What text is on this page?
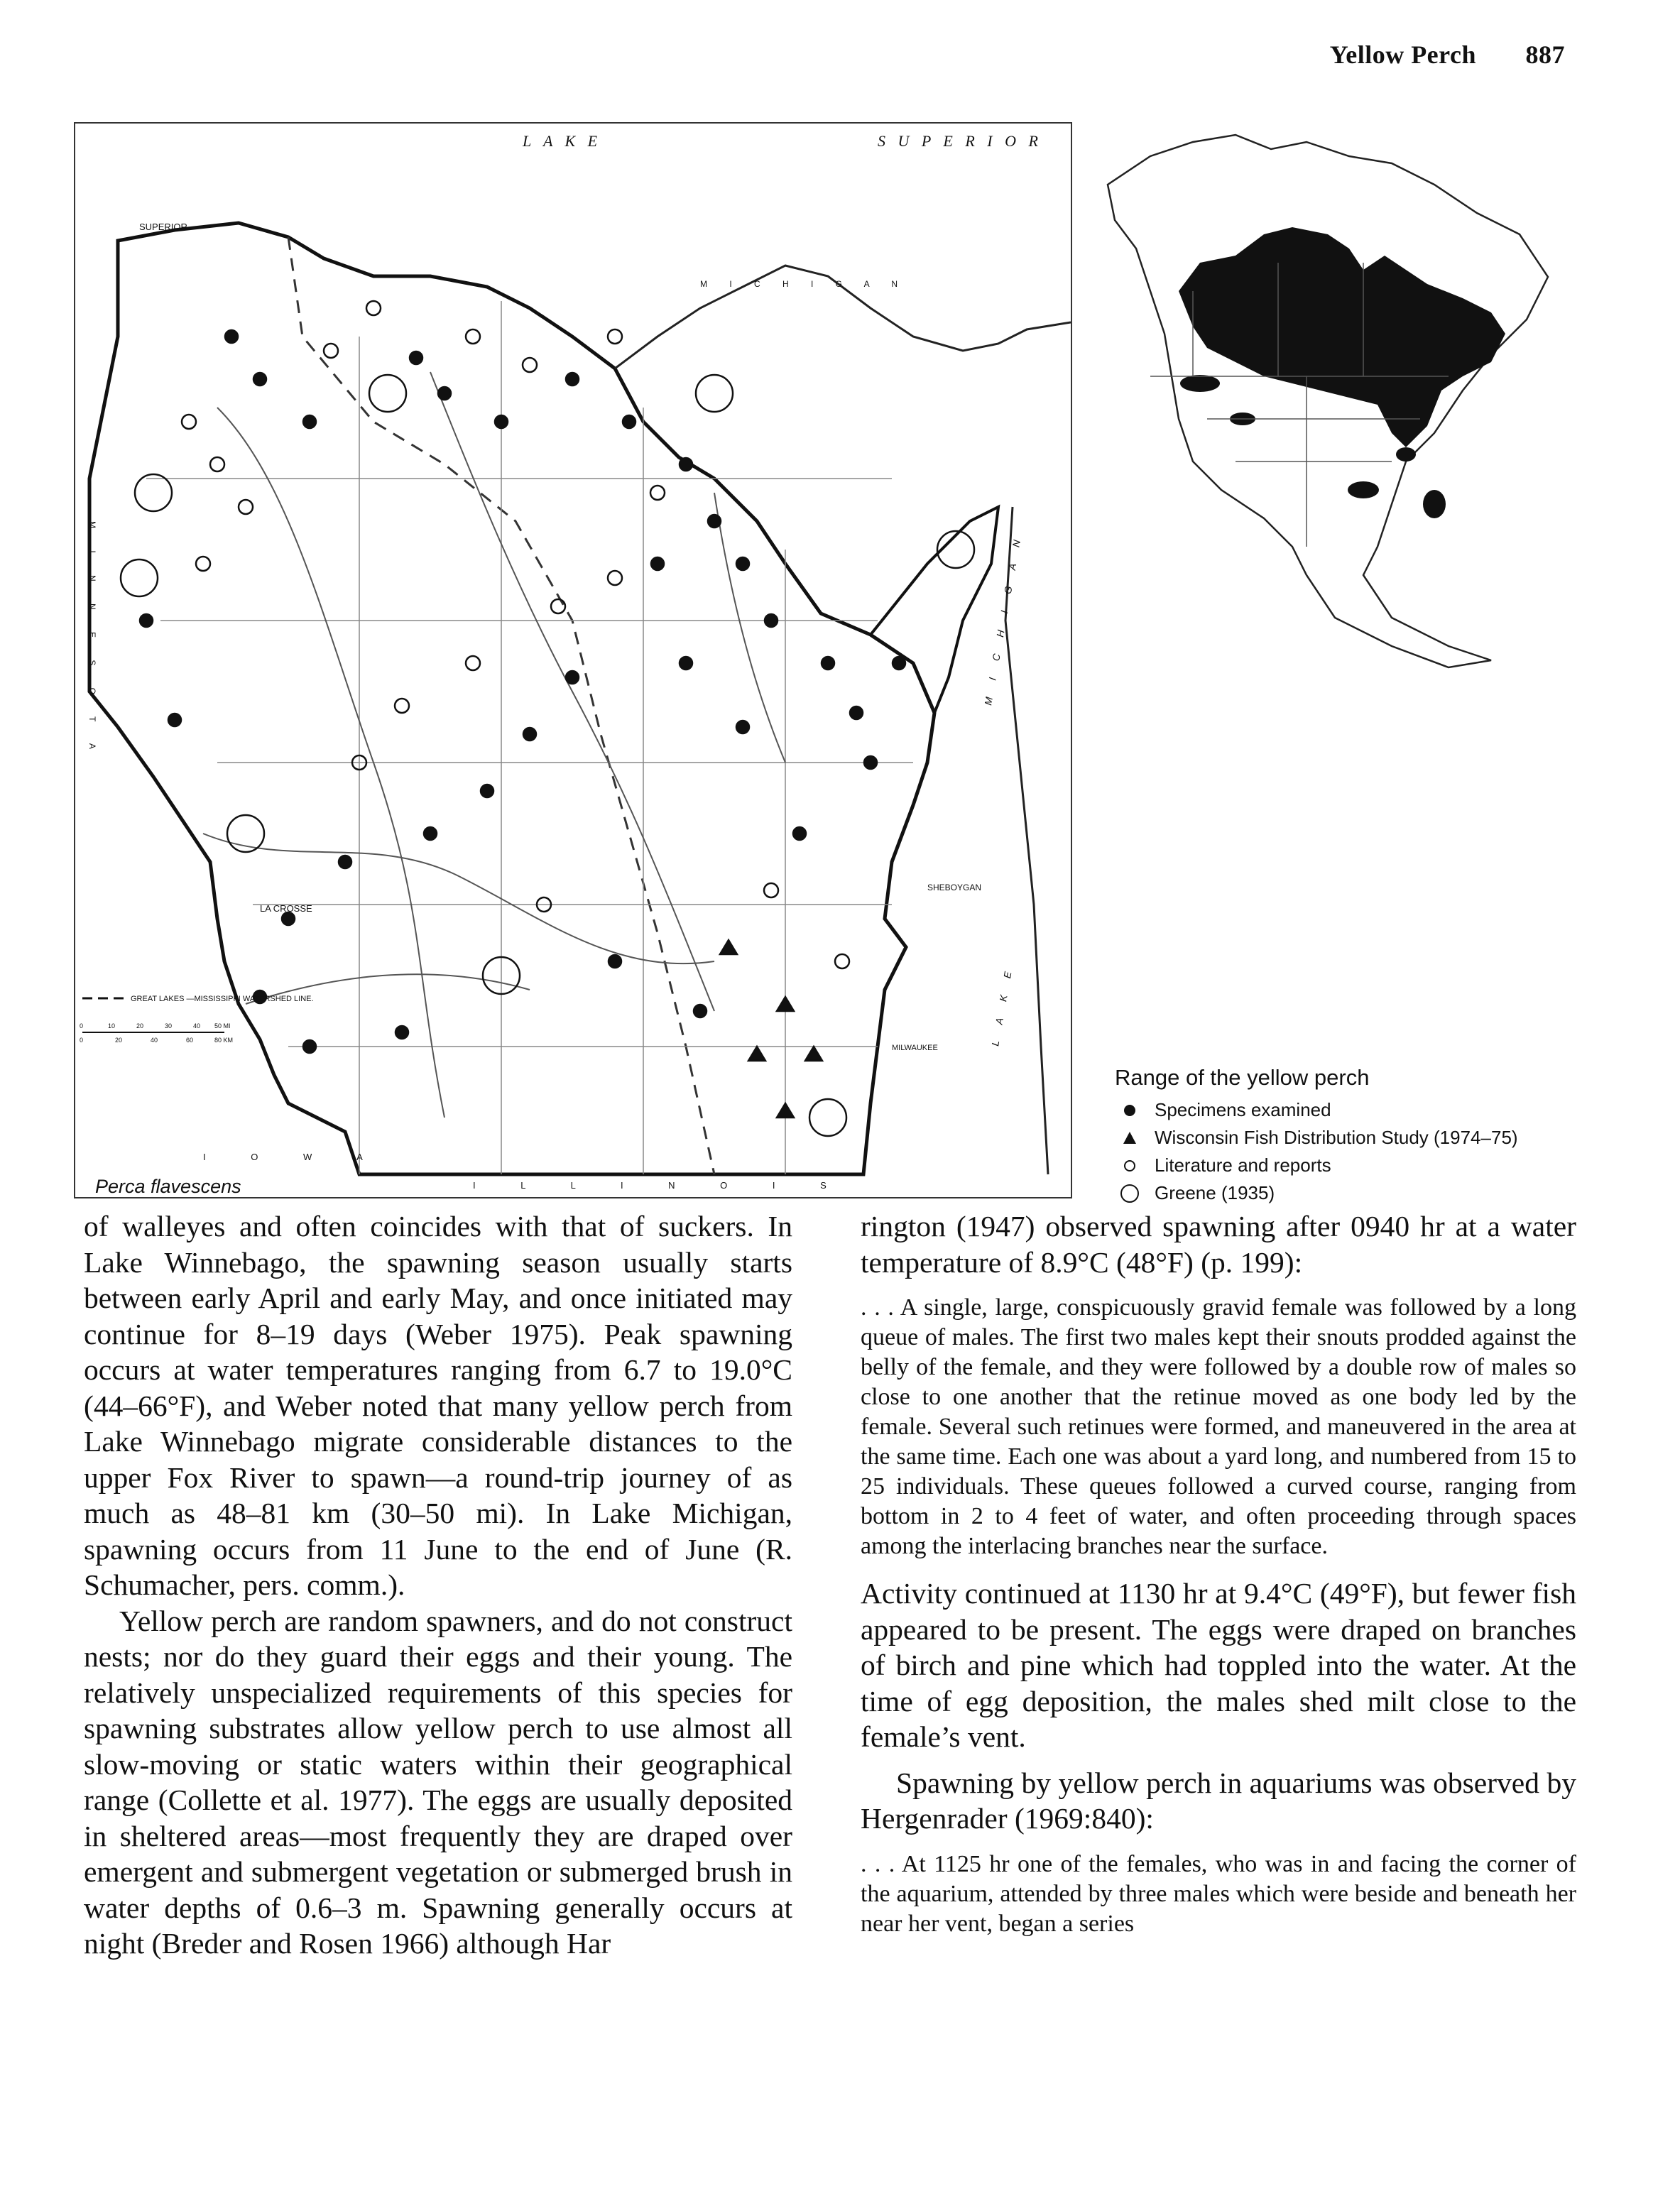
Yellow Perch 887
L A K E	S U P E R I O R
SUPERIOR
LA CROSSE
M I C H I G A N
SHEBOYGAN
MILWAUKEE
I O W A
I L L I N O I S
M I N N E S O T A	M I C H I G A N
L A K E
GREAT LAKES —MISSISSIPPI WATERSHED LINE.
0	10	20	30	40 50 MI
0	20	40	60	80 KM
Perca flavescens
Range of the yellow perch
Specimens examined
Wisconsin Fish Distribution Study (1974–75)
Literature and reports
Greene (1935)

of walleyes and often coincides with that of suckers. In Lake Winnebago, the spawning season usually starts between early April and early May, and once initiated may continue for 8–19 days (Weber 1975). Peak spawning occurs at water temperatures ranging from 6.7 to 19.0°C (44–66°F), and Weber noted that many yellow perch from Lake Winnebago migrate considerable distances to the upper Fox River to spawn—a round-trip journey of as much as 48–81 km (30–50 mi). In Lake Michigan, spawning occurs from 11 June to the end of June (R. Schumacher, pers. comm.).

Yellow perch are random spawners, and do not construct nests; nor do they guard their eggs and their young. The relatively unspecialized requirements of this species for spawning substrates allow yellow perch to use almost all slow-moving or static waters within their geographical range (Collette et al. 1977). The eggs are usually deposited in sheltered areas—most frequently they are draped over emergent and submergent vegetation or submerged brush in water depths of 0.6–3 m. Spawning generally occurs at night (Breder and Rosen 1966) although Har

rington (1947) observed spawning after 0940 hr at a water temperature of 8.9°C (48°F) (p. 199):

. . . A single, large, conspicuously gravid female was followed by a long queue of males. The first two males kept their snouts prodded against the belly of the female, and they were followed by a double row of males so close to one another that the retinue moved as one body led by the female. Several such retinues were formed, and maneuvered in the area at the same time. Each one was about a yard long, and numbered from 15 to 25 individuals. These queues followed a curved course, ranging from bottom in 2 to 4 feet of water, and often proceeding through spaces among the interlacing branches near the surface.

Activity continued at 1130 hr at 9.4°C (49°F), but fewer fish appeared to be present. The eggs were draped on branches of birch and pine which had toppled into the water. At the time of egg deposition, the males shed milt close to the female’s vent.

Spawning by yellow perch in aquariums was observed by Hergenrader (1969:840):

. . . At 1125 hr one of the females, who was in and facing the corner of the aquarium, attended by three males which were beside and beneath her near her vent, began a series
